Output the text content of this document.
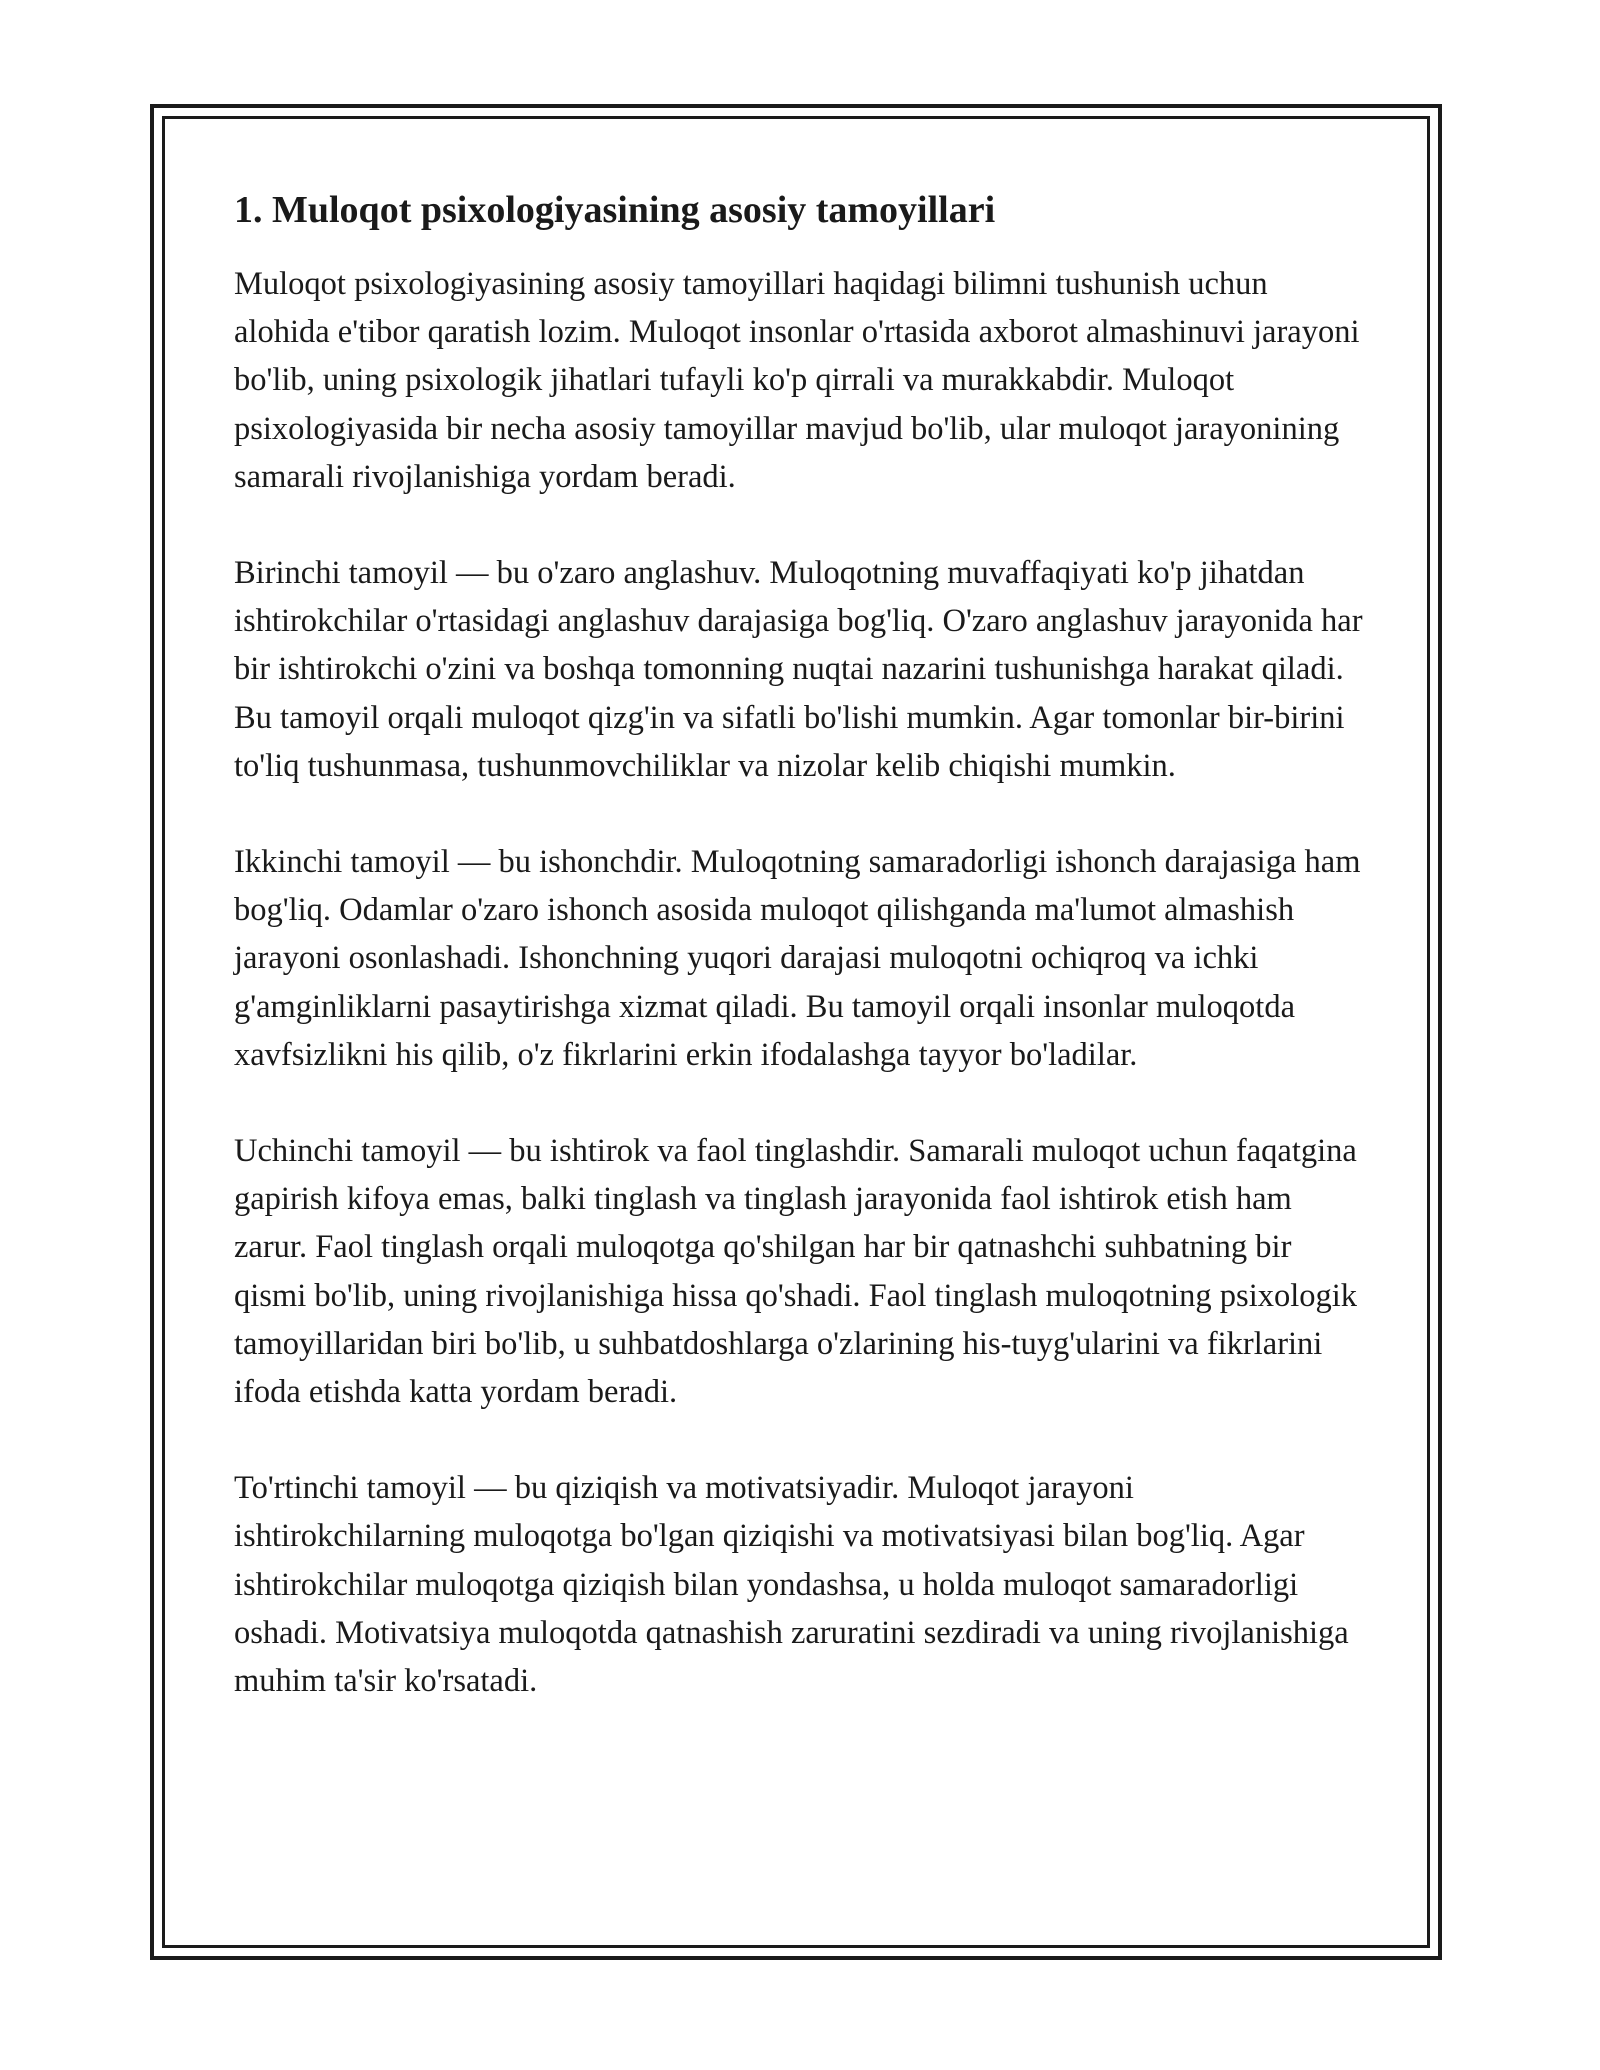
1. Muloqot psixologiyasining asosiy tamoyillari

Muloqot psixologiyasining asosiy tamoyillari haqidagi bilimni tushunish uchun alohida e'tibor qaratish lozim. Muloqot insonlar o'rtasida axborot almashinuvi jarayoni bo'lib, uning psixologik jihatlari tufayli ko'p qirrali va murakkabdir. Muloqot psixologiyasida bir necha asosiy tamoyillar mavjud bo'lib, ular muloqot jarayonining samarali rivojlanishiga yordam beradi.

Birinchi tamoyil — bu o'zaro anglashuv. Muloqotning muvaffaqiyati ko'p jihatdan ishtirokchilar o'rtasidagi anglashuv darajasiga bog'liq. O'zaro anglashuv jarayonida har bir ishtirokchi o'zini va boshqa tomonning nuqtai nazarini tushunishga harakat qiladi. Bu tamoyil orqali muloqot qizg'in va sifatli bo'lishi mumkin. Agar tomonlar bir-birini to'liq tushunmasa, tushunmovchiliklar va nizolar kelib chiqishi mumkin.

Ikkinchi tamoyil — bu ishonchdir. Muloqotning samaradorligi ishonch darajasiga ham bog'liq. Odamlar o'zaro ishonch asosida muloqot qilishganda ma'lumot almashish jarayoni osonlashadi. Ishonchning yuqori darajasi muloqotni ochiqroq va ichki g'amginliklarni pasaytirishga xizmat qiladi. Bu tamoyil orqali insonlar muloqotda xavfsizlikni his qilib, o'z fikrlarini erkin ifodalashga tayyor bo'ladilar.

Uchinchi tamoyil — bu ishtirok va faol tinglashdir. Samarali muloqot uchun faqatgina gapirish kifoya emas, balki tinglash va tinglash jarayonida faol ishtirok etish ham zarur. Faol tinglash orqali muloqotga qo'shilgan har bir qatnashchi suhbatning bir qismi bo'lib, uning rivojlanishiga hissa qo'shadi. Faol tinglash muloqotning psixologik tamoyillaridan biri bo'lib, u suhbatdoshlarga o'zlarining his-tuyg'ularini va fikrlarini ifoda etishda katta yordam beradi.

To'rtinchi tamoyil — bu qiziqish va motivatsiyadir. Muloqot jarayoni ishtirokchilarning muloqotga bo'lgan qiziqishi va motivatsiyasi bilan bog'liq. Agar ishtirokchilar muloqotga qiziqish bilan yondashsa, u holda muloqot samaradorligi oshadi. Motivatsiya muloqotda qatnashish zaruratini sezdiradi va uning rivojlanishiga muhim ta'sir ko'rsatadi.
